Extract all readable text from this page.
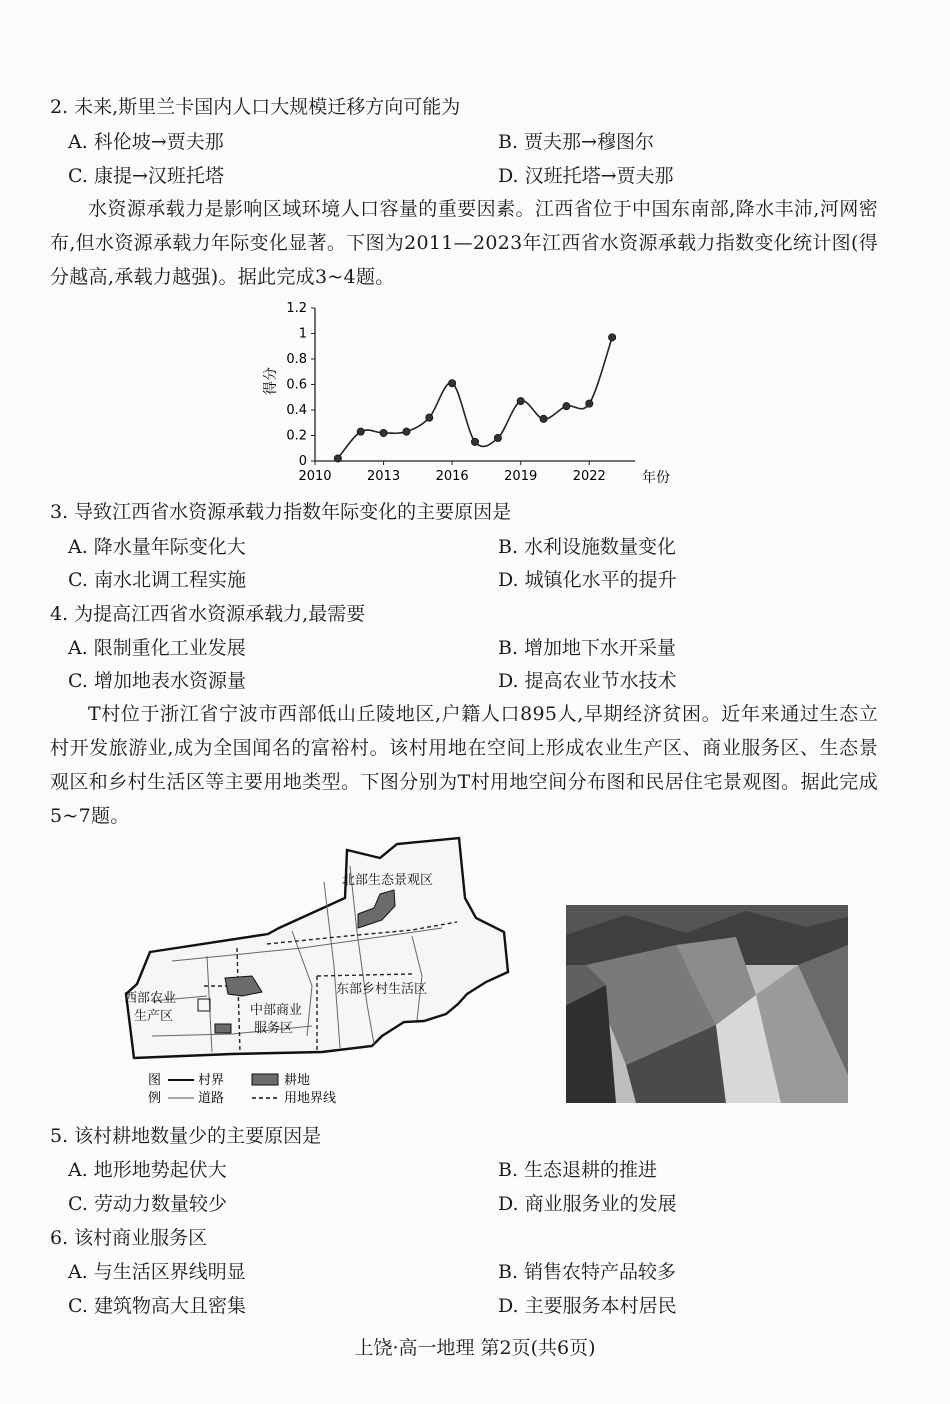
2. 未来,斯里兰卡国内人口大规模迁移方向可能为
A. 科伦坡→贾夫那	B. 贾夫那→穆图尔
C. 康提→汉班托塔	D. 汉班托塔→贾夫那
水资源承载力是影响区域环境人口容量的重要因素。江西省位于中国东南部,降水丰沛,河网密布,但水资源承载力年际变化显著。下图为2011—2023年江西省水资源承载力指数变化统计图(得分越高,承载力越强)。据此完成3~4题。
0
0.2
0.4
0.6
0.8
1
1.2
2010	2013	2016	2019	2022
得分
年份
3. 导致江西省水资源承载力指数年际变化的主要原因是
A. 降水量年际变化大	B. 水利设施数量变化
C. 南水北调工程实施	D. 城镇化水平的提升
4. 为提高江西省水资源承载力,最需要
A. 限制重化工业发展	B. 增加地下水开采量
C. 增加地表水资源量	D. 提高农业节水技术
T村位于浙江省宁波市西部低山丘陵地区,户籍人口895人,早期经济贫困。近年来通过生态立村开发旅游业,成为全国闻名的富裕村。该村用地在空间上形成农业生产区、商业服务区、生态景观区和乡村生活区等主要用地类型。下图分别为T村用地空间分布图和民居住宅景观图。据此完成5~7题。
北部生态景观区
东部乡村生活区
西部农业
生产区	中部商业
服务区
图
例
村界	耕地
道路	用地界线
5. 该村耕地数量少的主要原因是
A. 地形地势起伏大	B. 生态退耕的推进
C. 劳动力数量较少	D. 商业服务业的发展
6. 该村商业服务区
A. 与生活区界线明显	B. 销售农特产品较多
C. 建筑物高大且密集	D. 主要服务本村居民
上饶·高一地理 第2页(共6页)
